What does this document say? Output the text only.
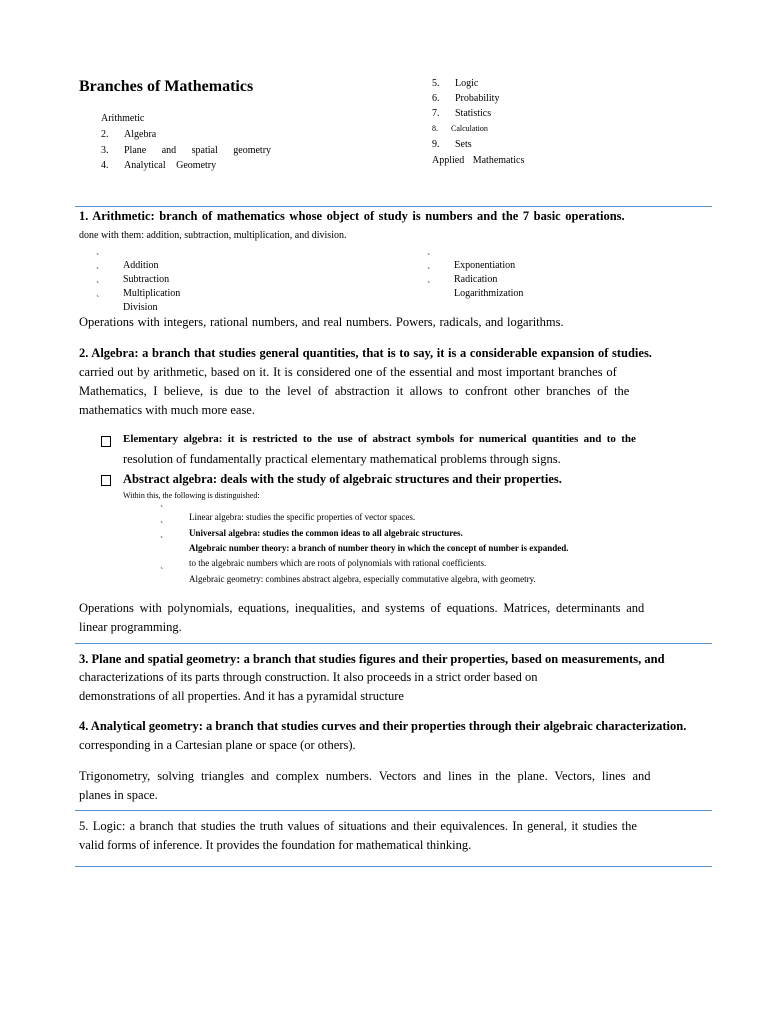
Branches of Mathematics
Arithmetic
2. Algebra
3. Plane and spatial geometry
4. Analytical Geometry
5. Logic
6. Probability
7. Statistics
8. Calculation
9. Sets
Applied Mathematics
1. Arithmetic: branch of mathematics whose object of study is numbers and the 7 basic operations.
done with them: addition, subtraction, multiplication, and division.
ˋ
ˋ
ˋ
ˋ
Addition
Subtraction
Multiplication
Division
ˋ
ˋ
ˋ
Exponentiation
Radication
Logarithmization
Operations with integers, rational numbers, and real numbers. Powers, radicals, and logarithms.
2. Algebra: a branch that studies general quantities, that is to say, it is a considerable expansion of studies.
carried out by arithmetic, based on it. It is considered one of the essential and most important branches of
Mathematics, I believe, is due to the level of abstraction it allows to confront other branches of the
mathematics with much more ease.
Elementary algebra: it is restricted to the use of abstract symbols for numerical quantities and to the
resolution of fundamentally practical elementary mathematical problems through signs.
Abstract algebra: deals with the study of algebraic structures and their properties.
Within this, the following is distinguished:
ˋ
ˋ
ˋ
ˋ
Linear algebra: studies the specific properties of vector spaces.
Universal algebra: studies the common ideas to all algebraic structures.
Algebraic number theory: a branch of number theory in which the concept of number is expanded.
to the algebraic numbers which are roots of polynomials with rational coefficients.
Algebraic geometry: combines abstract algebra, especially commutative algebra, with geometry.
Operations with polynomials, equations, inequalities, and systems of equations. Matrices, determinants and
linear programming.
3. Plane and spatial geometry: a branch that studies figures and their properties, based on measurements, and
characterizations of its parts through construction. It also proceeds in a strict order based on
demonstrations of all properties. And it has a pyramidal structure
4. Analytical geometry: a branch that studies curves and their properties through their algebraic characterization.
corresponding in a Cartesian plane or space (or others).
Trigonometry, solving triangles and complex numbers. Vectors and lines in the plane. Vectors, lines and
planes in space.
5. Logic: a branch that studies the truth values of situations and their equivalences. In general, it studies the
valid forms of inference. It provides the foundation for mathematical thinking.
